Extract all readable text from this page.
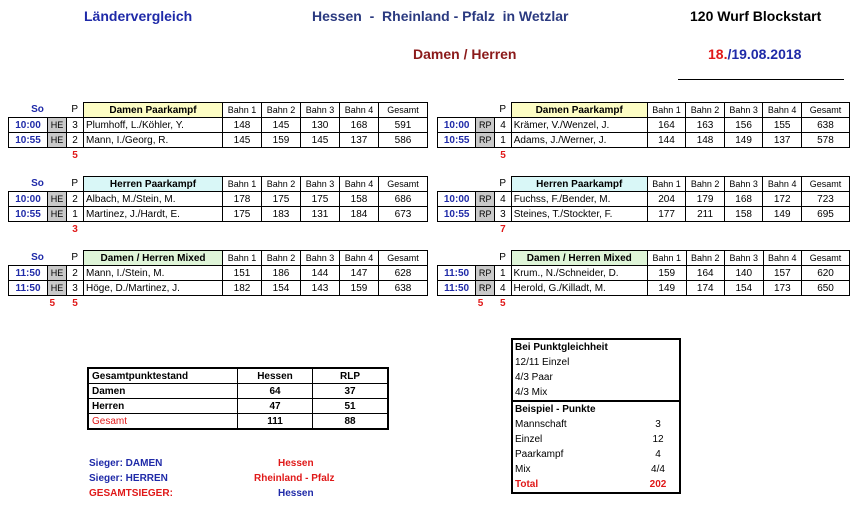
Ländervergleich	Hessen  -  Rheinland - Pfalz  in Wetzlar	120 Wurf Blockstart
Damen / Herren	18./19.08.2018
So		P	Damen Paarkampf	Bahn 1	Bahn 2	Bahn 3	Bahn 4	Gesamt
10:00	HE	3	Plumhoff, L./Köhler, Y.	148	145	130	168	591
10:55	HE	2	Mann, I./Georg, R.	145	159	145	137	586
		5						
		P	Damen Paarkampf	Bahn 1	Bahn 2	Bahn 3	Bahn 4	Gesamt
10:00	RP	4	Krämer, V./Wenzel, J.	164	163	156	155	638
10:55	RP	1	Adams, J./Werner, J.	144	148	149	137	578
		5						
So		P	Herren Paarkampf	Bahn 1	Bahn 2	Bahn 3	Bahn 4	Gesamt
10:00	HE	2	Albach, M./Stein, M.	178	175	175	158	686
10:55	HE	1	Martinez, J./Hardt, E.	175	183	131	184	673
		3						
		P	Herren Paarkampf	Bahn 1	Bahn 2	Bahn 3	Bahn 4	Gesamt
10:00	RP	4	Fuchss, F./Bender, M.	204	179	168	172	723
10:55	RP	3	Steines, T./Stockter, F.	177	211	158	149	695
		7						
So		P	Damen / Herren Mixed	Bahn 1	Bahn 2	Bahn 3	Bahn 4	Gesamt
11:50	HE	2	Mann, I./Stein, M.	151	186	144	147	628
11:50	HE	3	Höge, D./Martinez, J.	182	154	143	159	638
	5	5						
		P	Damen / Herren Mixed	Bahn 1	Bahn 2	Bahn 3	Bahn 4	Gesamt
11:50	RP	1	Krum., N./Schneider, D.	159	164	140	157	620
11:50	RP	4	Herold, G./Killadt, M.	149	174	154	173	650
	5	5						
Gesamtpunktestand	Hessen	RLP
Damen	64	37
Herren	47	51
Gesamt	111	88
Bei Punktgleichheit
12/11 Einzel
4/3 Paar
4/3 Mix
Beispiel - Punkte
Mannschaft	3
Einzel	12
Paarkampf	4
Mix	4/4
Total	202
Sieger: DAMEN	Hessen
Sieger: HERREN	Rheinland - Pfalz
GESAMTSIEGER:	Hessen
